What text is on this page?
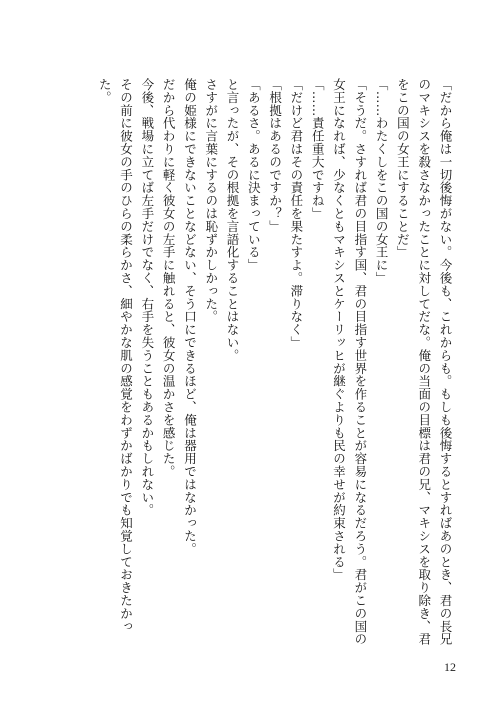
「だから俺は一切後悔がない。今後も、これからも。もしも後悔するとすればあのとき、君の長兄
のマキシスを殺さなかったことに対してだな。俺の当面の目標は君の兄、マキシスを取り除き、君
をこの国の女王にすることだ」
「……わたくしをこの国の女王に」
「そうだ。さすれば君の目指す国、君の目指す世界を作ることが容易になるだろう。君がこの国の
女王になれば、少なくともマキシスとケーリッヒが継ぐよりも民の幸せが約束される」
「……責任重大ですね」
「だけど君はその責任を果たすよ。滞りなく」
「根拠はあるのですか？」
「あるさ。あるに決まっている」
と言ったが、その根拠を言語化することはない。
さすがに言葉にするのは恥ずかしかった。
俺の姫様にできないことなどない、そう口にできるほど、俺は器用ではなかった。
だから代わりに軽く彼女の左手に触れると、彼女の温かさを感じた。
今後、戦場に立てば左手だけでなく、右手を失うこともあるかもしれない。
その前に彼女の手のひらの柔らかさ、細やかな肌の感覚をわずかばかりでも知覚しておきたかっ
た。
12
